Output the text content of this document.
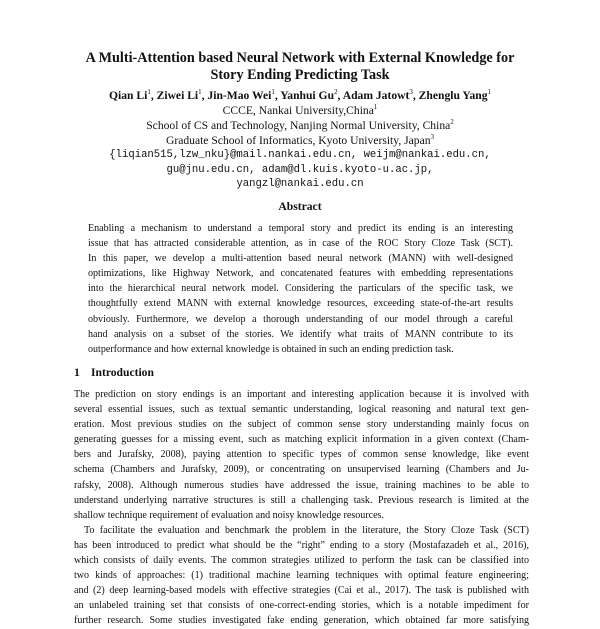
A Multi-Attention based Neural Network with External Knowledge for
Story Ending Predicting Task
Qian Li$^1$, Ziwei Li$^1$, Jin-Mao Wei$^1$, Yanhui Gu$^2$, Adam Jatowt$^3$, Zhenglu Yang$^1$
CCCE, Nankai University,China$^1$
School of CS and Technology, Nanjing Normal University, China$^2$
Graduate School of Informatics, Kyoto University, Japan$^3$
{liqian515,lzw_nku}@mail.nankai.edu.cn, weijm@nankai.edu.cn,
gu@jnu.edu.cn, adam@dl.kuis.kyoto-u.ac.jp,
yangzl@nankai.edu.cn
Abstract
Enabling a mechanism to understand a temporal story and predict its ending is an interesting
issue that has attracted considerable attention, as in case of the ROC Story Cloze Task (SCT).
In this paper, we develop a multi-attention based neural network (MANN) with well-designed
optimizations, like Highway Network, and concatenated features with embedding representations
into the hierarchical neural network model. Considering the particulars of the specific task, we
thoughtfully extend MANN with external knowledge resources, exceeding state-of-the-art results
obviously. Furthermore, we develop a thorough understanding of our model through a careful
hand analysis on a subset of the stories. We identify what traits of MANN contribute to its
outperformance and how external knowledge is obtained in such an ending prediction task.
1 Introduction
The prediction on story endings is an important and interesting application because it is involved with
several essential issues, such as textual semantic understanding, logical reasoning and natural text gen-
eration. Most previous studies on the subject of common sense story understanding mainly focus on
generating guesses for a missing event, such as matching explicit information in a given context (Cham-
bers and Jurafsky, 2008), paying attention to specific types of common sense knowledge, like event
schema (Chambers and Jurafsky, 2009), or concentrating on unsupervised learning (Chambers and Ju-
rafsky, 2008). Although numerous studies have addressed the issue, training machines to be able to
understand underlying narrative structures is still a challenging task. Previous research is limited at the
shallow technique requirement of evaluation and noisy knowledge resources.
To facilitate the evaluation and benchmark the problem in the literature, the Story Cloze Task (SCT)
has been introduced to predict what should be the “right” ending to a story (Mostafazadeh et al., 2016),
which consists of daily events. The common strategies utilized to perform the task can be classified into
two kinds of approaches: (1) traditional machine learning techniques with optimal feature engineering;
and (2) deep learning-based models with effective strategies (Cai et al., 2017). The task is published with
an unlabeled training set that consists of one-correct-ending stories, which is a notable impediment for
further research. Some studies investigated fake ending generation, which obtained far more satisfying
